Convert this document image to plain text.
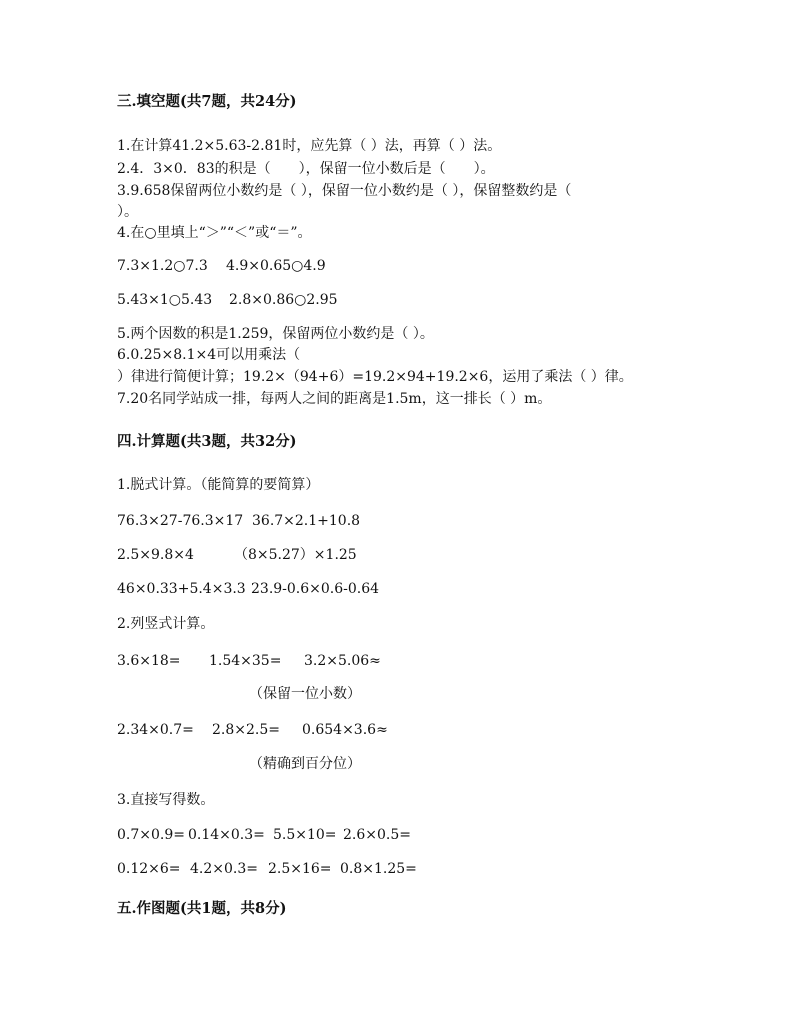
三.填空题(共7题，共24分)
1.在计算41.2×5.63-2.81时，应先算（ ）法，再算（ ）法。
2.4．3×0．83的积是（　　），保留一位小数后是（　　）。
3.9.658保留两位小数约是（ ），保留一位小数约是（ ），保留整数约是（
）。
4.在○里填上“＞”“＜”或“＝”。
7.3×1.2○7.3 4.9×0.65○4.9
5.43×1○5.43 2.8×0.86○2.95
5.两个因数的积是1.259，保留两位小数约是（ ）。
6.0.25×8.1×4可以用乘法（
）律进行简便计算；19.2×（94+6）=19.2×94+19.2×6，运用了乘法（ ）律。
7.20名同学站成一排，每两人之间的距离是1.5m，这一排长（ ）m。
四.计算题(共3题，共32分)
1.脱式计算。（能简算的要简算）
76.3×27-76.3×17 36.7×2.1+10.8
2.5×9.8×4	（8×5.27）×1.25
46×0.33+5.4×3.3 23.9-0.6×0.6-0.64
2.列竖式计算。
3.6×18= 1.54×35= 3.2×5.06≈
（保留一位小数）
2.34×0.7= 2.8×2.5= 0.654×3.6≈
（精确到百分位）
3.直接写得数。
0.7×0.9= 0.14×0.3= 5.5×10= 2.6×0.5=
0.12×6= 4.2×0.3= 2.5×16= 0.8×1.25=
五.作图题(共1题，共8分)
